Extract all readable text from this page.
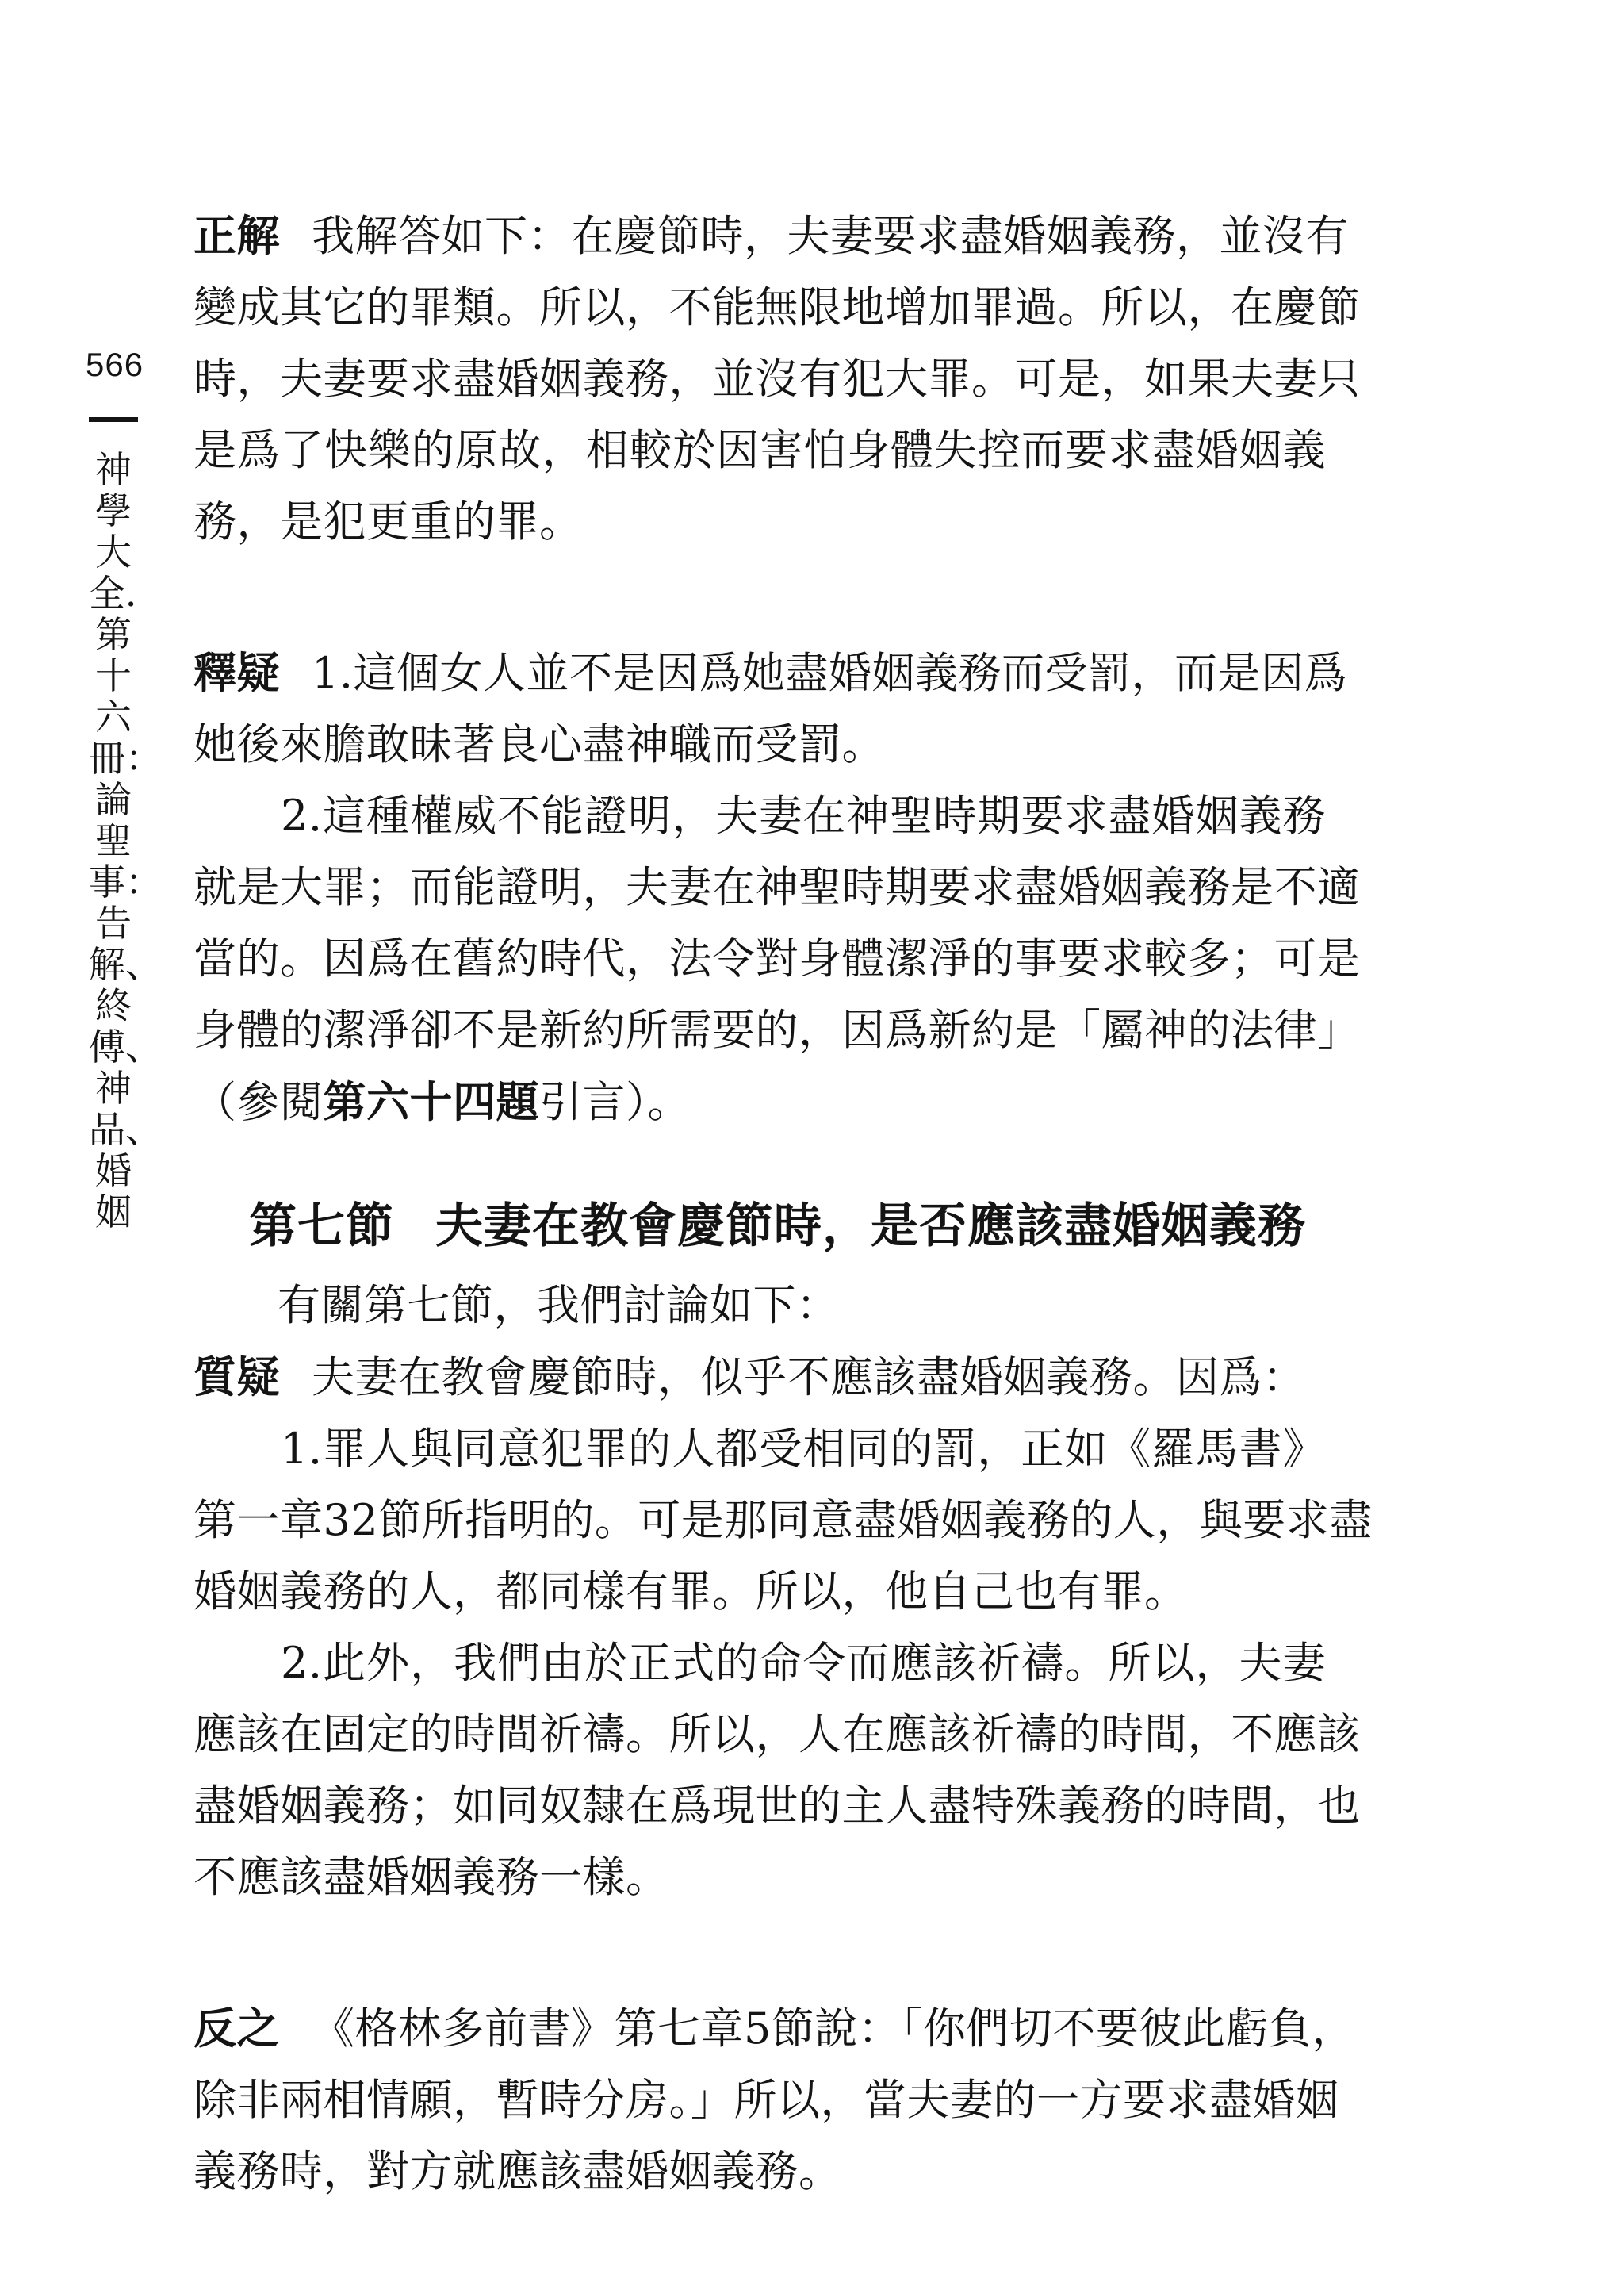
566
神學大全．第十六冊：論聖事：告解、終傅、神品、婚姻

正解 我解答如下：在慶節時，夫妻要求盡婚姻義務，並沒有

變成其它的罪類。所以，不能無限地增加罪過。所以，在慶節

時，夫妻要求盡婚姻義務，並沒有犯大罪。可是，如果夫妻只

是爲了快樂的原故，相較於因害怕身體失控而要求盡婚姻義

務，是犯更重的罪。

釋疑 1.這個女人並不是因爲她盡婚姻義務而受罰，而是因爲

她後來膽敢昧著良心盡神職而受罰。

2.這種權威不能證明，夫妻在神聖時期要求盡婚姻義務

就是大罪；而能證明，夫妻在神聖時期要求盡婚姻義務是不適

當的。因爲在舊約時代，法令對身體潔淨的事要求較多；可是

身體的潔淨卻不是新約所需要的，因爲新約是「屬神的法律」

（參閱第六十四題引言）。

第七節 夫妻在教會慶節時，是否應該盡婚姻義務

有關第七節，我們討論如下：

質疑 夫妻在教會慶節時，似乎不應該盡婚姻義務。因爲：

1.罪人與同意犯罪的人都受相同的罰，正如《羅馬書》

第一章32節所指明的。可是那同意盡婚姻義務的人，與要求盡

婚姻義務的人，都同樣有罪。所以，他自己也有罪。

2.此外，我們由於正式的命令而應該祈禱。所以，夫妻

應該在固定的時間祈禱。所以，人在應該祈禱的時間，不應該

盡婚姻義務；如同奴隸在爲現世的主人盡特殊義務的時間，也

不應該盡婚姻義務一樣。

反之 《格林多前書》第七章5節說：「你們切不要彼此虧負，

除非兩相情願，暫時分房。」所以，當夫妻的一方要求盡婚姻

義務時，對方就應該盡婚姻義務。
